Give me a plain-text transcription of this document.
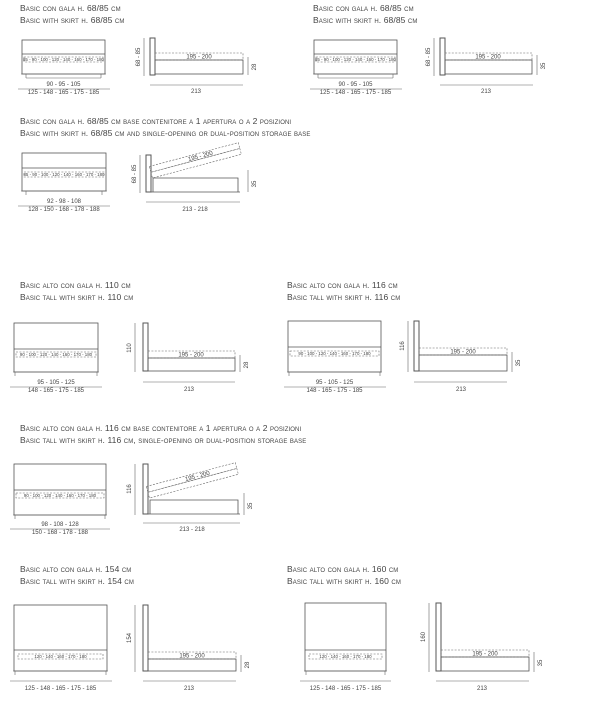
Basic con gala h. 68/85 cm
Basic with skirt h. 68/85 cm
85 - 90 - 100 - 120 - 140 - 160 - 170 - 180
90 - 95 - 105
125 - 148 - 165 - 175 - 185
68 - 85	195 - 200
28
213
Basic con gala h. 68/85 cm
Basic with skirt h. 68/85 cm
85 - 90 - 100 - 120 - 140 - 160 - 170 - 180
90 - 95 - 105
125 - 148 - 165 - 175 - 185
68 - 85	195 - 200
35
213
Basic con gala h. 68/85 cm base contenitore a 1 apertura o a 2 posizioni
Basic with skirt h. 68/85 cm and single-opening or dual-position storage base
85 - 90 - 100 - 120 - 140 - 160 - 170 - 180
92 - 98 - 108
128 - 150 - 168 - 178 - 188
68 - 85
195 - 200
35
213 - 218
Basic alto con gala h. 110 cm
Basic tall with skirt h. 110 cm
90 - 100 - 120 - 140 - 160 - 170 - 180
95 - 105 - 125
148 - 165 - 175 - 185
110
195 - 200
28
213
Basic alto con gala h. 116 cm
Basic tall with skirt h. 116 cm
90 - 100 - 120 - 140 - 160 - 170 - 180
95 - 105 - 125
148 - 165 - 175 - 185
116
195 - 200
35
213
Basic alto con gala h. 116 cm base contenitore a 1 apertura o a 2 posizioni
Basic tall with skirt h. 116 cm, single-opening or dual-position storage base
90 - 100 - 120 - 140 - 160 - 170 - 180
98 - 108 - 128
150 - 168 - 178 - 188
116
195 - 200
35
213 - 218
Basic alto con gala h. 154 cm
Basic tall with skirt h. 154 cm
120 - 140 - 160 - 170 - 180
125 - 148 - 165 - 175 - 185
154
195 - 200
28
213
Basic alto con gala h. 160 cm
Basic tall with skirt h. 160 cm
120 - 140 - 160 - 170 - 180
125 - 148 - 165 - 175 - 185
160
195 - 200
35
213
